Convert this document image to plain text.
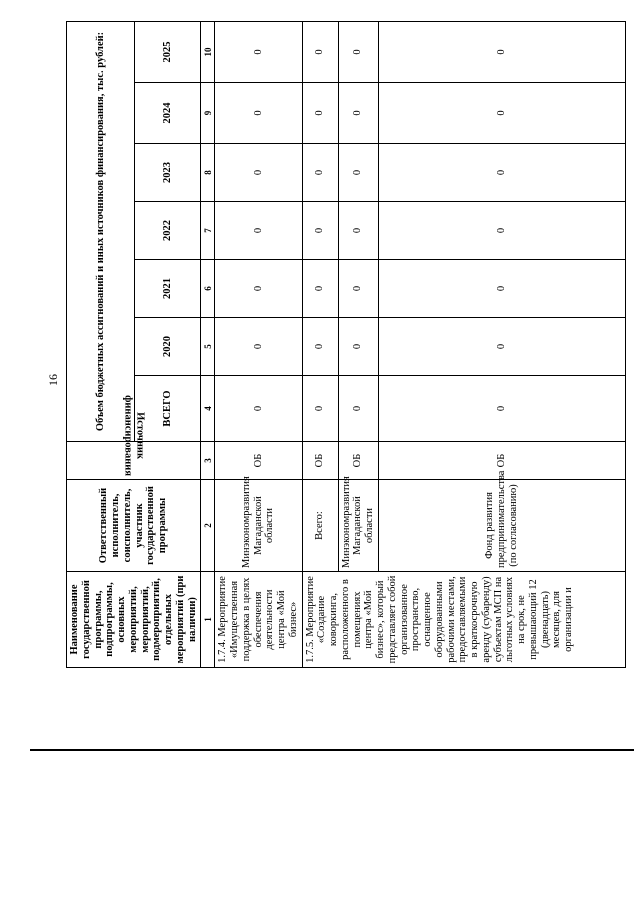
16
Наименование государственной программы, подпрограммы, основных мероприятий, мероприятий, подмероприятий, отдельных мероприятий (при наличии)	Ответственный исполнитель, соисполнитель, участник государственной программы	Источник финансирования	Объем бюджетных ассигнований и иных источников финансирования, тыс. рублей:						
			ВСЕГО	2020	2021	2022	2023	2024	2025
1	2	3	4	5	6	7	8	9	10
1.7.4. Мероприятие «Имущественная поддержка в целях обеспечения деятельности центра «Мой бизнес»	Минэкономразвития Магаданской области	ОБ	0	0	0	0	0	0	0
1.7.5. Мероприятие «Создание коворкинга, расположенного в помещениях центра «Мой бизнес», который представляет собой организованное пространство, оснащенное оборудованными рабочими местами, предоставляемыми в краткосрочную аренду (субаренду) субъектам МСП на льготных условиях на срок, не превышающий 12 (двенадцать) месяцев, для организации и	Всего:	ОБ	0	0	0	0	0	0	0
	Минэкономразвития Магаданской области	ОБ	0	0	0	0	0	0	0
	Фонд развития предпринимательства (по согласованию)	ОБ	0	0	0	0	0	0	0
